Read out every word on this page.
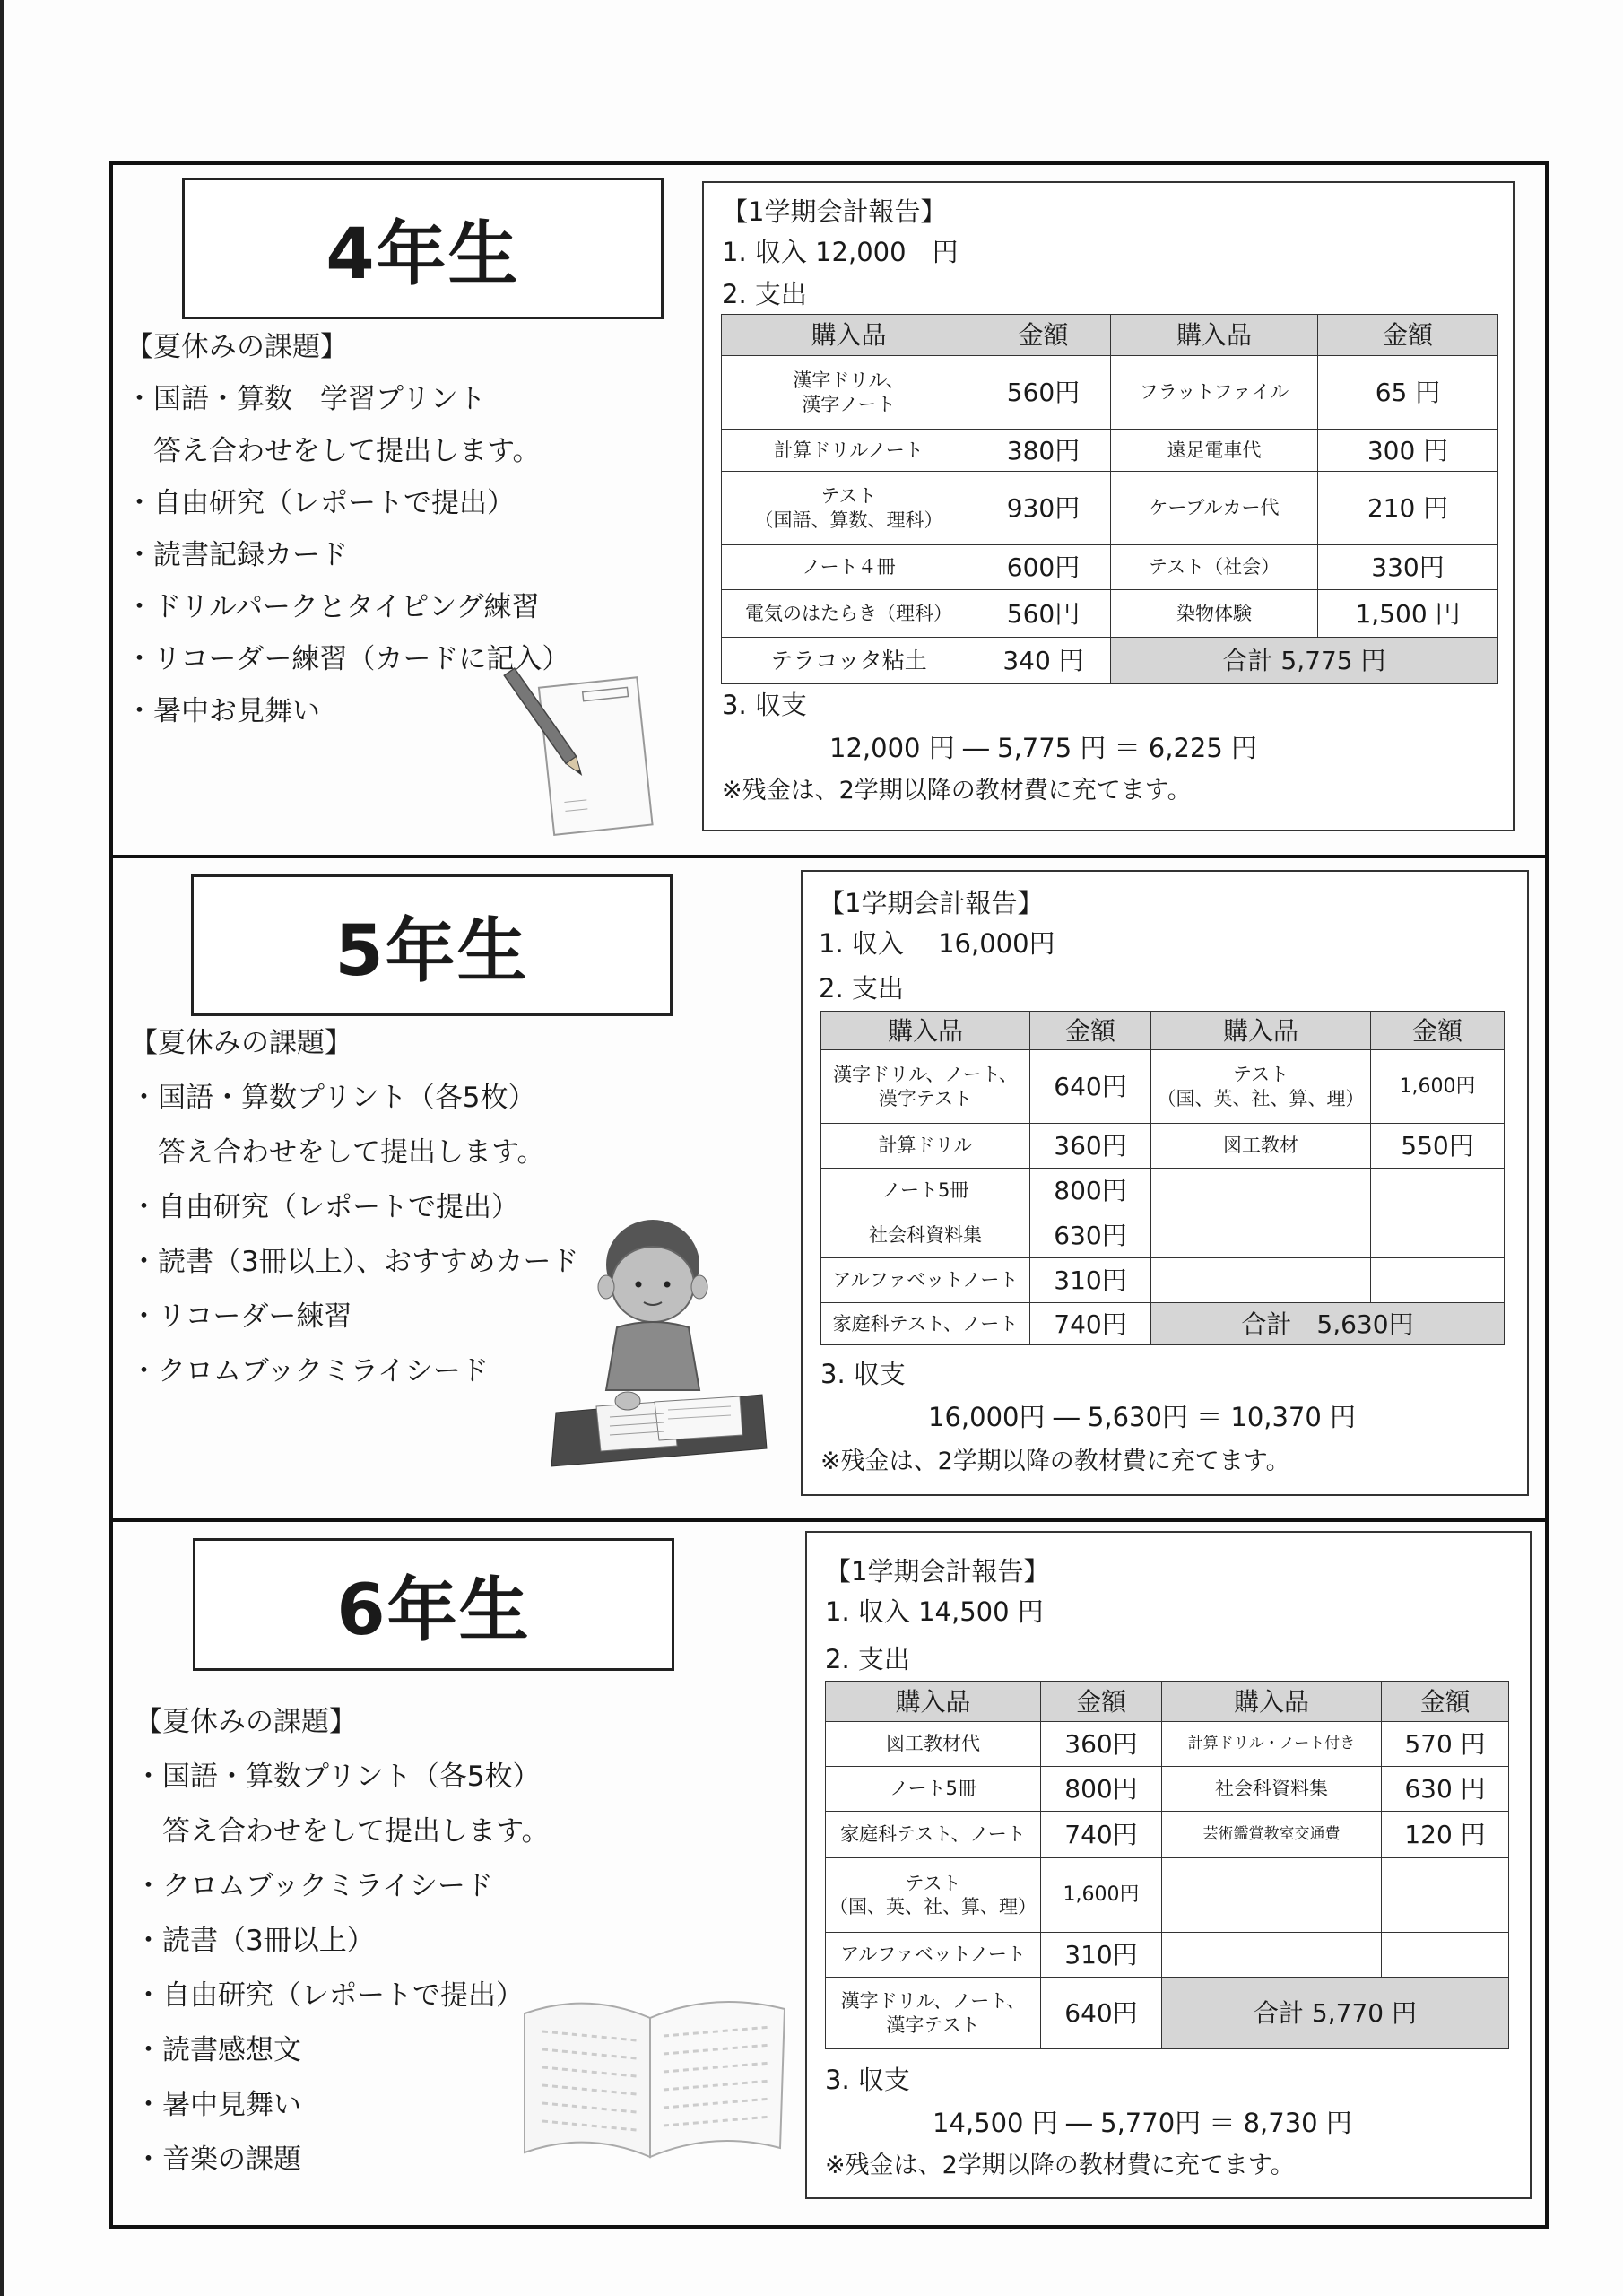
4年生
【夏休みの課題】
・国語・算数　学習プリント
　答え合わせをして提出します。
・自由研究（レポートで提出）
・読書記録カード
・ドリルパークとタイピング練習
・リコーダー練習（カードに記入）
・暑中お見舞い
【1学期会計報告】
1. 収入 12,000　円
2. 支出
購入品	金額	購入品	金額
漢字ドリル、
漢字ノート	560円	フラットファイル	65 円
計算ドリルノート	380円	遠足電車代	300 円
テスト
（国語、算数、理科）	930円	ケーブルカー代	210 円
ノート４冊	600円	テスト（社会）	330円
電気のはたらき（理科）	560円	染物体験	1,500 円
テラコッタ粘土	340 円	合計 5,775 円	
3. 収支
12,000 円 ― 5,775 円 ＝ 6,225 円
※残金は、2学期以降の教材費に充てます。
5年生
【夏休みの課題】
・国語・算数プリント（各5枚）
　答え合わせをして提出します。
・自由研究（レポートで提出）
・読書（3冊以上）、おすすめカード
・リコーダー練習
・クロムブックミライシード
【1学期会計報告】
1. 収入　 16,000円
2. 支出
購入品	金額	購入品	金額
漢字ドリル、ノート、
漢字テスト	640円	テスト
（国、英、社、算、理）	1,600円
計算ドリル	360円	図工教材	550円
ノート5冊	800円		
社会科資料集	630円		
アルファベットノート	310円		
家庭科テスト、ノート	740円	合計　5,630円	
3. 収支
16,000円 ― 5,630円 ＝ 10,370 円
※残金は、2学期以降の教材費に充てます。
6年生
【夏休みの課題】
・国語・算数プリント（各5枚）
　答え合わせをして提出します。
・クロムブックミライシード
・読書（3冊以上）
・自由研究（レポートで提出）
・読書感想文
・暑中見舞い
・音楽の課題
【1学期会計報告】
1. 収入 14,500 円
2. 支出
購入品	金額	購入品	金額
図工教材代	360円	計算ドリル・ノート付き	570 円
ノート5冊	800円	社会科資料集	630 円
家庭科テスト、ノート	740円	芸術鑑賞教室交通費	120 円
テスト
（国、英、社、算、理）	1,600円		
アルファベットノート	310円		
漢字ドリル、ノート、
漢字テスト	640円	合計 5,770 円	
3. 収支
14,500 円 ― 5,770円 ＝ 8,730 円
※残金は、2学期以降の教材費に充てます。
